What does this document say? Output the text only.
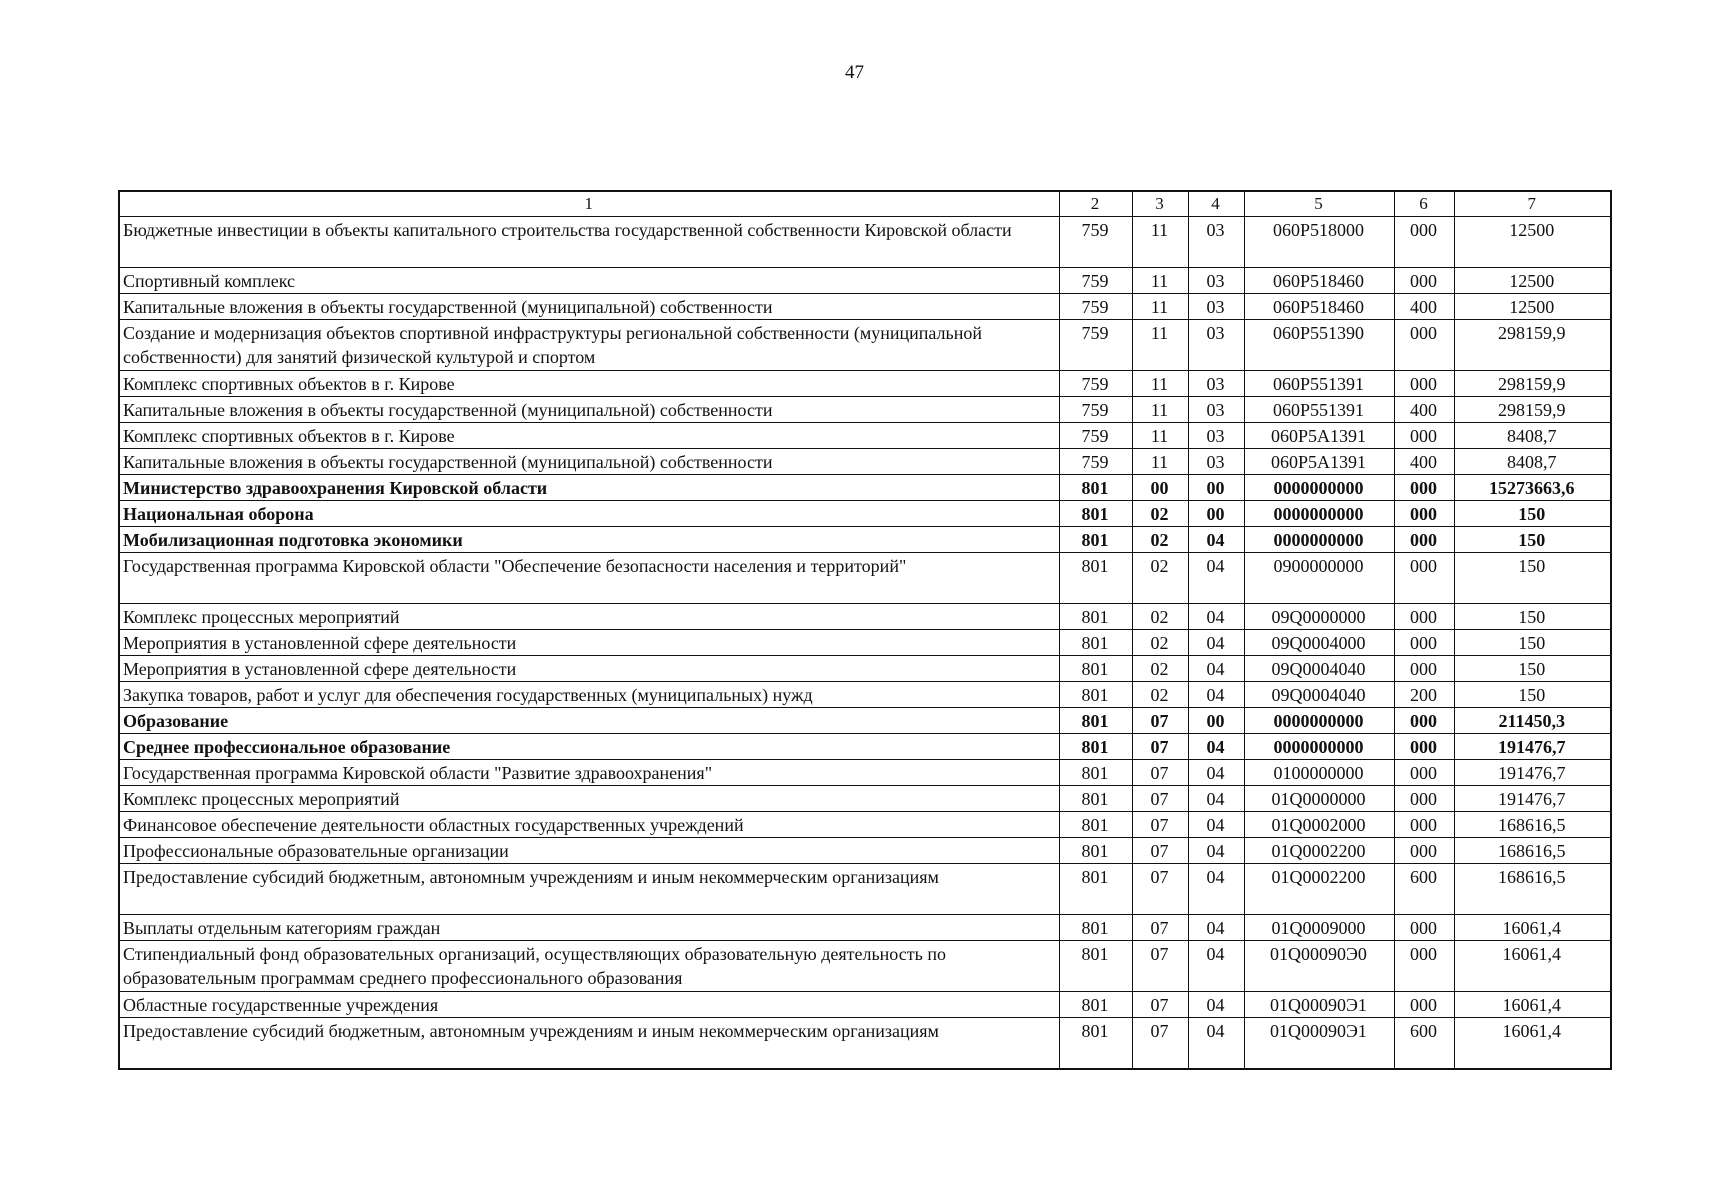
47
1	2	3	4	5	6	7
Бюджетные инвестиции в объекты капитального строительства государственной собственности Кировской области	759	11	03	060P518000	000	12500
Спортивный комплекс	759	11	03	060P518460	000	12500
Капитальные вложения в объекты государственной (муниципальной) собственности	759	11	03	060P518460	400	12500
Создание и модернизация объектов спортивной инфраструктуры региональной собственности (муниципальной собственности) для занятий физической культурой и спортом	759	11	03	060P551390	000	298159,9
Комплекс спортивных объектов в г. Кирове	759	11	03	060P551391	000	298159,9
Капитальные вложения в объекты государственной (муниципальной) собственности	759	11	03	060P551391	400	298159,9
Комплекс спортивных объектов в г. Кирове	759	11	03	060P5A1391	000	8408,7
Капитальные вложения в объекты государственной (муниципальной) собственности	759	11	03	060P5A1391	400	8408,7
Министерство здравоохранения Кировской области	801	00	00	0000000000	000	15273663,6
Национальная оборона	801	02	00	0000000000	000	150
Мобилизационная подготовка экономики	801	02	04	0000000000	000	150
Государственная программа Кировской области "Обеспечение безопасности населения и территорий"	801	02	04	0900000000	000	150
Комплекс процессных мероприятий	801	02	04	09Q0000000	000	150
Мероприятия в установленной сфере деятельности	801	02	04	09Q0004000	000	150
Мероприятия в установленной сфере деятельности	801	02	04	09Q0004040	000	150
Закупка товаров, работ и услуг для обеспечения государственных (муниципальных) нужд	801	02	04	09Q0004040	200	150
Образование	801	07	00	0000000000	000	211450,3
Среднее профессиональное образование	801	07	04	0000000000	000	191476,7
Государственная программа Кировской области "Развитие здравоохранения"	801	07	04	0100000000	000	191476,7
Комплекс процессных мероприятий	801	07	04	01Q0000000	000	191476,7
Финансовое обеспечение деятельности областных государственных учреждений	801	07	04	01Q0002000	000	168616,5
Профессиональные образовательные организации	801	07	04	01Q0002200	000	168616,5
Предоставление субсидий бюджетным, автономным учреждениям и иным некоммерческим организациям	801	07	04	01Q0002200	600	168616,5
Выплаты отдельным категориям граждан	801	07	04	01Q0009000	000	16061,4
Стипендиальный фонд образовательных организаций, осуществляющих образовательную деятельность по образовательным программам среднего профессионального образования	801	07	04	01Q00090Э0	000	16061,4
Областные государственные учреждения	801	07	04	01Q00090Э1	000	16061,4
Предоставление субсидий бюджетным, автономным учреждениям и иным некоммерческим организациям	801	07	04	01Q00090Э1	600	16061,4
